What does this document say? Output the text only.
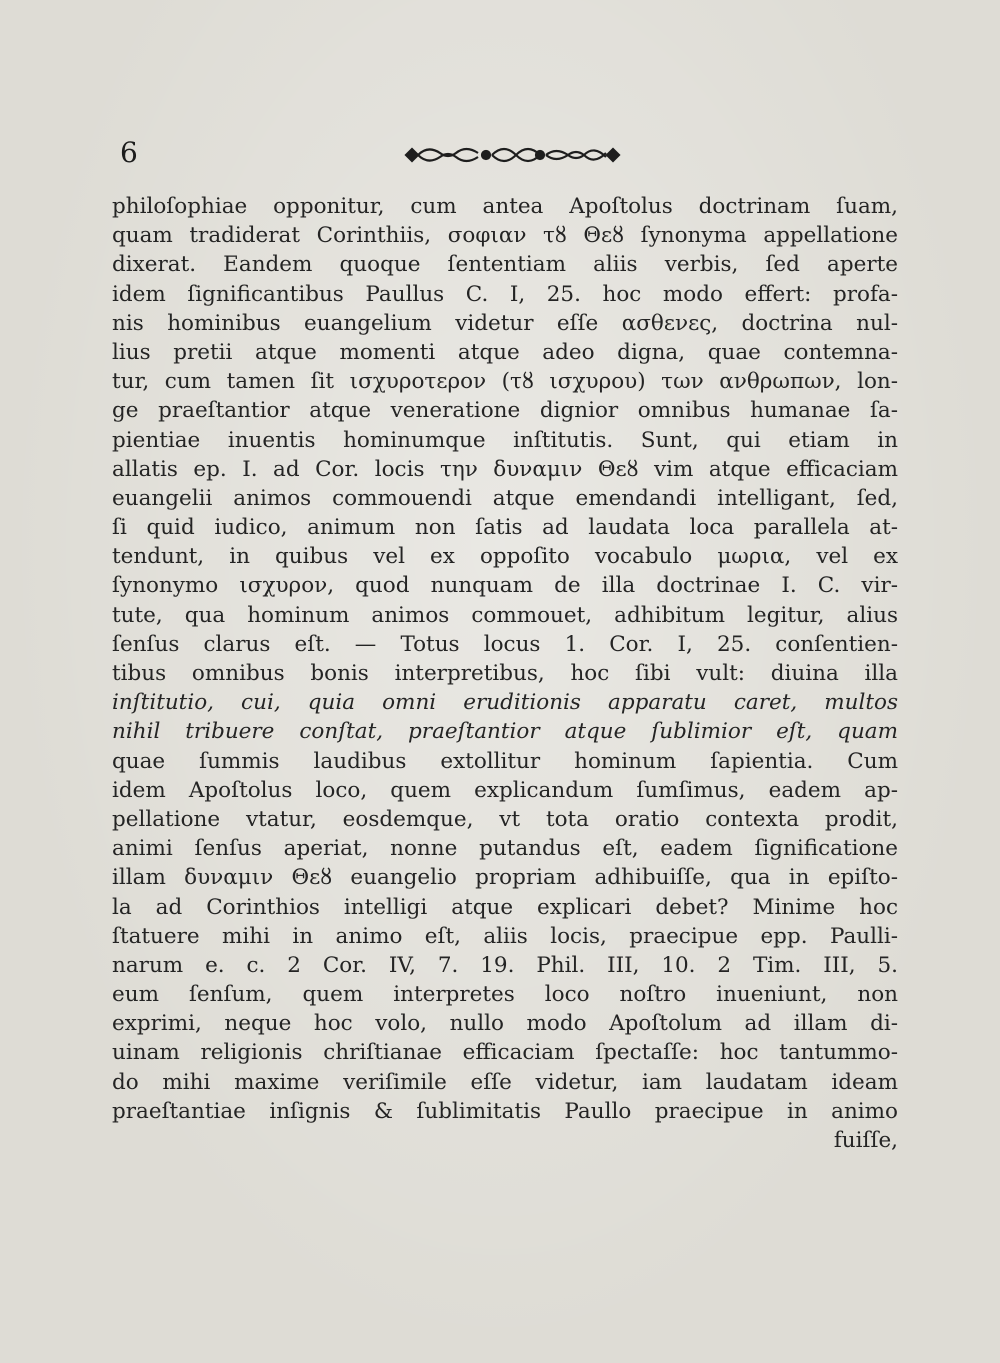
6
philoſophiae opponitur, cum antea Apoſtolus doctrinam ſuam,
quam tradiderat Corinthiis, σοφιαν τȣ Θεȣ ſynonyma appellatione
dixerat. Eandem quoque ſententiam aliis verbis, ſed aperte
idem ſignificantibus Paullus C. I, 25. hoc modo effert: profa-
nis hominibus euangelium videtur eſſe ασθενες, doctrina nul-
lius pretii atque momenti atque adeo digna, quae contemna-
tur, cum tamen ſit ισχυροτερον (τȣ ισχυρου) των ανθρωπων, lon-
ge praeſtantior atque veneratione dignior omnibus humanae ſa-
pientiae inuentis hominumque inſtitutis. Sunt, qui etiam in
allatis ep. I. ad Cor. locis την δυναμιν Θεȣ vim atque efficaciam
euangelii animos commouendi atque emendandi intelligant, ſed,
ſi quid iudico, animum non ſatis ad laudata loca parallela at-
tendunt, in quibus vel ex oppoſito vocabulo μωρια, vel ex
ſynonymo ισχυρον, quod nunquam de illa doctrinae I. C. vir-
tute, qua hominum animos commouet, adhibitum legitur, alius
ſenſus clarus eſt. — Totus locus 1. Cor. I, 25. conſentien-
tibus omnibus bonis interpretibus, hoc ſibi vult: diuina illa
inſtitutio, cui, quia omni eruditionis apparatu caret, multos
nihil tribuere conſtat, praeſtantior atque ſublimior eſt, quam
quae ſummis laudibus extollitur hominum ſapientia. Cum
idem Apoſtolus loco, quem explicandum ſumſimus, eadem ap-
pellatione vtatur, eosdemque, vt tota oratio contexta prodit,
animi ſenſus aperiat, nonne putandus eſt, eadem ſignificatione
illam δυναμιν Θεȣ euangelio propriam adhibuiſſe, qua in epiſto-
la ad Corinthios intelligi atque explicari debet? Minime hoc
ſtatuere mihi in animo eſt, aliis locis, praecipue epp. Paulli-
narum e. c. 2 Cor. IV, 7. 19. Phil. III, 10. 2 Tim. III, 5.
eum ſenſum, quem interpretes loco noſtro inueniunt, non
exprimi, neque hoc volo, nullo modo Apoſtolum ad illam di-
uinam religionis chriſtianae efficaciam ſpectaſſe: hoc tantummo-
do mihi maxime veriſimile eſſe videtur, iam laudatam ideam
praeſtantiae inſignis & ſublimitatis Paullo praecipue in animo
fuiſſe,
